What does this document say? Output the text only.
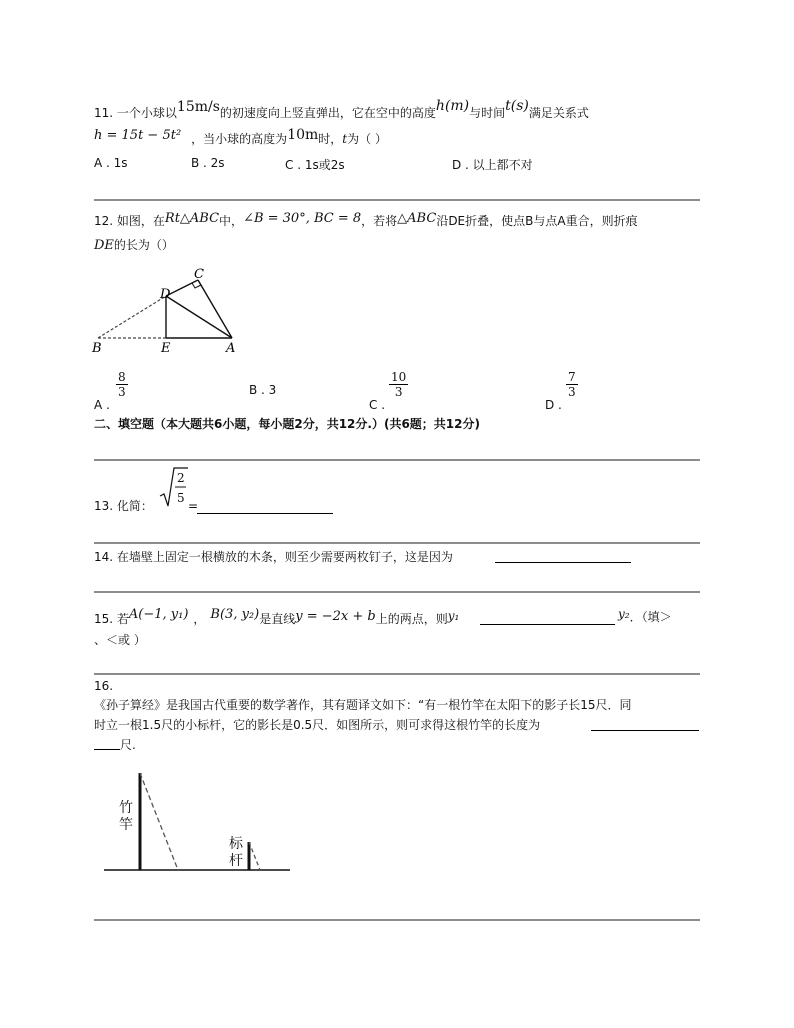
11. 一个小球以15m/s的初速度向上竖直弹出，它在空中的高度h(m)与时间t(s)满足关系式
h = 15t − 5t² ，当小球的高度为10m时，t为（ ）
A . 1s	B . 2s	C . 1s或2s	D . 以上都不对
12. 如图，在Rt△ABC中，∠B = 30°, BC = 8，若将△ABC沿DE折叠，使点B与点A重合，则折痕
DE的长为（）
B	E	A
D
C
A .
8
3	B . 3
C .
10
3
D .
7
3
二、填空题（本大题共6小题，每小题2分，共12分.）(共6题；共12分)
13. 化简：
2
5
=
14. 在墙壁上固定一根横放的木条，则至少需要两枚钉子，这是因为
15. 若A(−1, y₁) ， B(3, y₂)是直线y = −2x + b上的两点，则y₁	y₂．（填＞
、＜或 ）
16.
《孙子算经》是我国古代重要的数学著作，其有题译文如下：“有一根竹竿在太阳下的影子长15尺．同
时立一根1.5尺的小标杆，它的影长是0.5尺．如图所示，则可求得这根竹竿的长度为
尺.
竹竿
标杆
